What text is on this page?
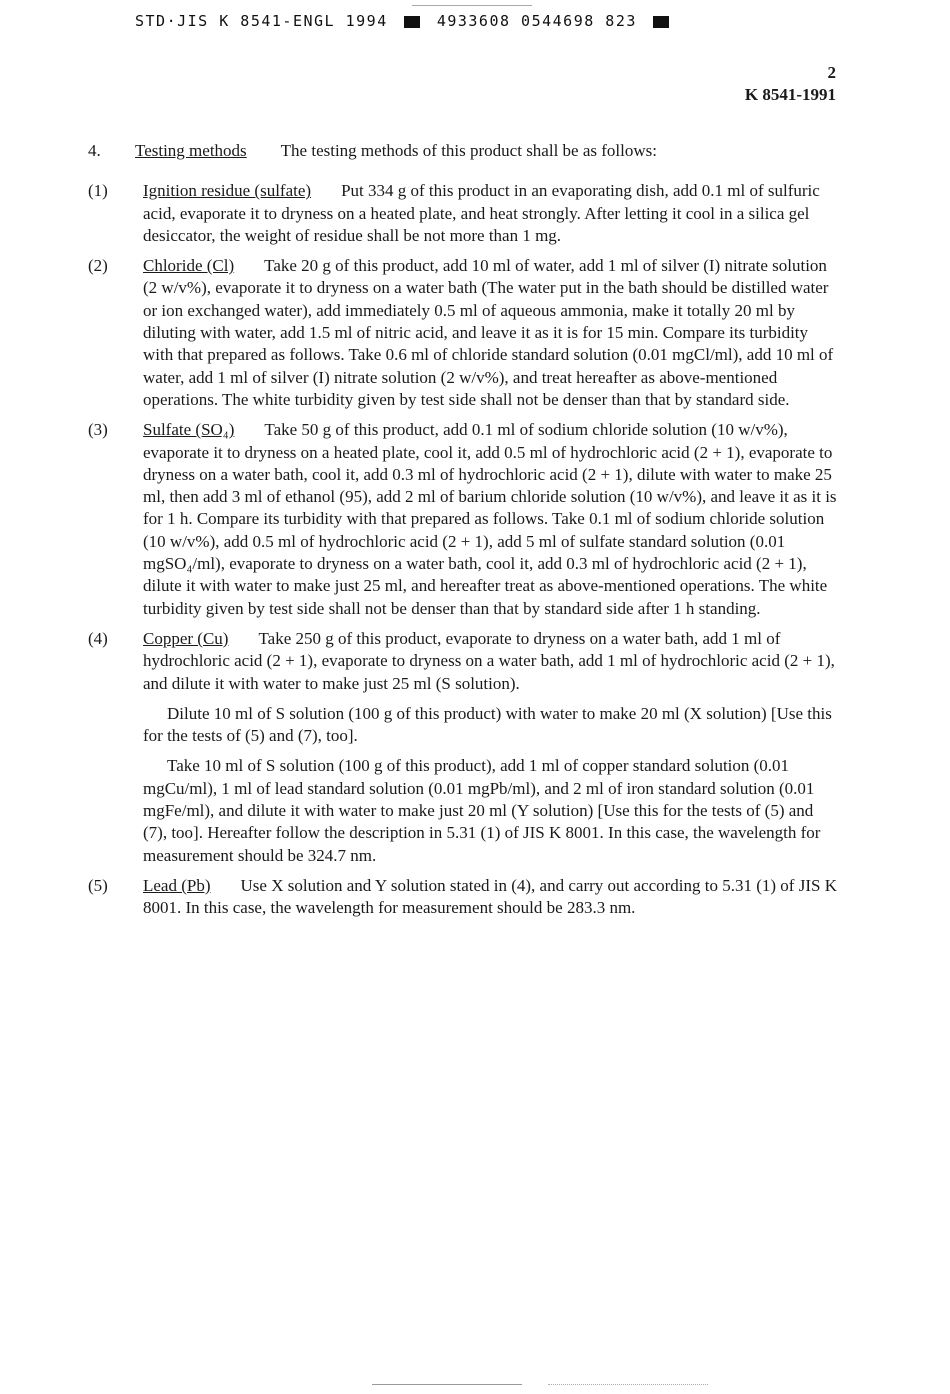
STD·JIS K 8541-ENGL 1994	4933608 0544698 823
2
K 8541-1991
4.	Testing methods The testing methods of this product shall be as follows:
(1)	Ignition residue (sulfate) Put 334 g of this product in an evaporating dish, add 0.1 ml of sulfuric acid, evaporate it to dryness on a heated plate, and heat strongly. After letting it cool in a silica gel desiccator, the weight of residue shall be not more than 1 mg.

(2)	Chloride (Cl) Take 20 g of this product, add 10 ml of water, add 1 ml of silver (I) nitrate solution (2 w/v%), evaporate it to dryness on a water bath (The water put in the bath should be distilled water or ion exchanged water), add immediately 0.5 ml of aqueous ammonia, make it totally 20 ml by diluting with water, add 1.5 ml of nitric acid, and leave it as it is for 15 min. Compare its turbidity with that prepared as follows. Take 0.6 ml of chloride standard solution (0.01 mgCl/ml), add 10 ml of water, add 1 ml of silver (I) nitrate solution (2 w/v%), and treat hereafter as above-mentioned operations. The white turbidity given by test side shall not be denser than that by standard side.

(3)	Sulfate (SO₄) Take 50 g of this product, add 0.1 ml of sodium chloride solution (10 w/v%), evaporate it to dryness on a heated plate, cool it, add 0.5 ml of hydrochloric acid (2 + 1), evaporate to dryness on a water bath, cool it, add 0.3 ml of hydrochloric acid (2 + 1), dilute with water to make 25 ml, then add 3 ml of ethanol (95), add 2 ml of barium chloride solution (10 w/v%), and leave it as it is for 1 h. Compare its turbidity with that prepared as follows. Take 0.1 ml of sodium chloride solution (10 w/v%), add 0.5 ml of hydrochloric acid (2 + 1), add 5 ml of sulfate standard solution (0.01 mgSO₄/ml), evaporate to dryness on a water bath, cool it, add 0.3 ml of hydrochloric acid (2 + 1), dilute it with water to make just 25 ml, and hereafter treat as above-mentioned operations. The white turbidity given by test side shall not be denser than that by standard side after 1 h standing.

(4)	Copper (Cu) Take 250 g of this product, evaporate to dryness on a water bath, add 1 ml of hydrochloric acid (2 + 1), evaporate to dryness on a water bath, add 1 ml of hydrochloric acid (2 + 1), and dilute it with water to make just 25 ml (S solution).

Dilute 10 ml of S solution (100 g of this product) with water to make 20 ml (X solution) [Use this for the tests of (5) and (7), too].

Take 10 ml of S solution (100 g of this product), add 1 ml of copper standard solution (0.01 mgCu/ml), 1 ml of lead standard solution (0.01 mgPb/ml), and 2 ml of iron standard solution (0.01 mgFe/ml), and dilute it with water to make just 20 ml (Y solution) [Use this for the tests of (5) and (7), too]. Hereafter follow the description in 5.31 (1) of JIS K 8001. In this case, the wavelength for measurement should be 324.7 nm.

(5)	Lead (Pb) Use X solution and Y solution stated in (4), and carry out according to 5.31 (1) of JIS K 8001. In this case, the wavelength for measurement should be 283.3 nm.
